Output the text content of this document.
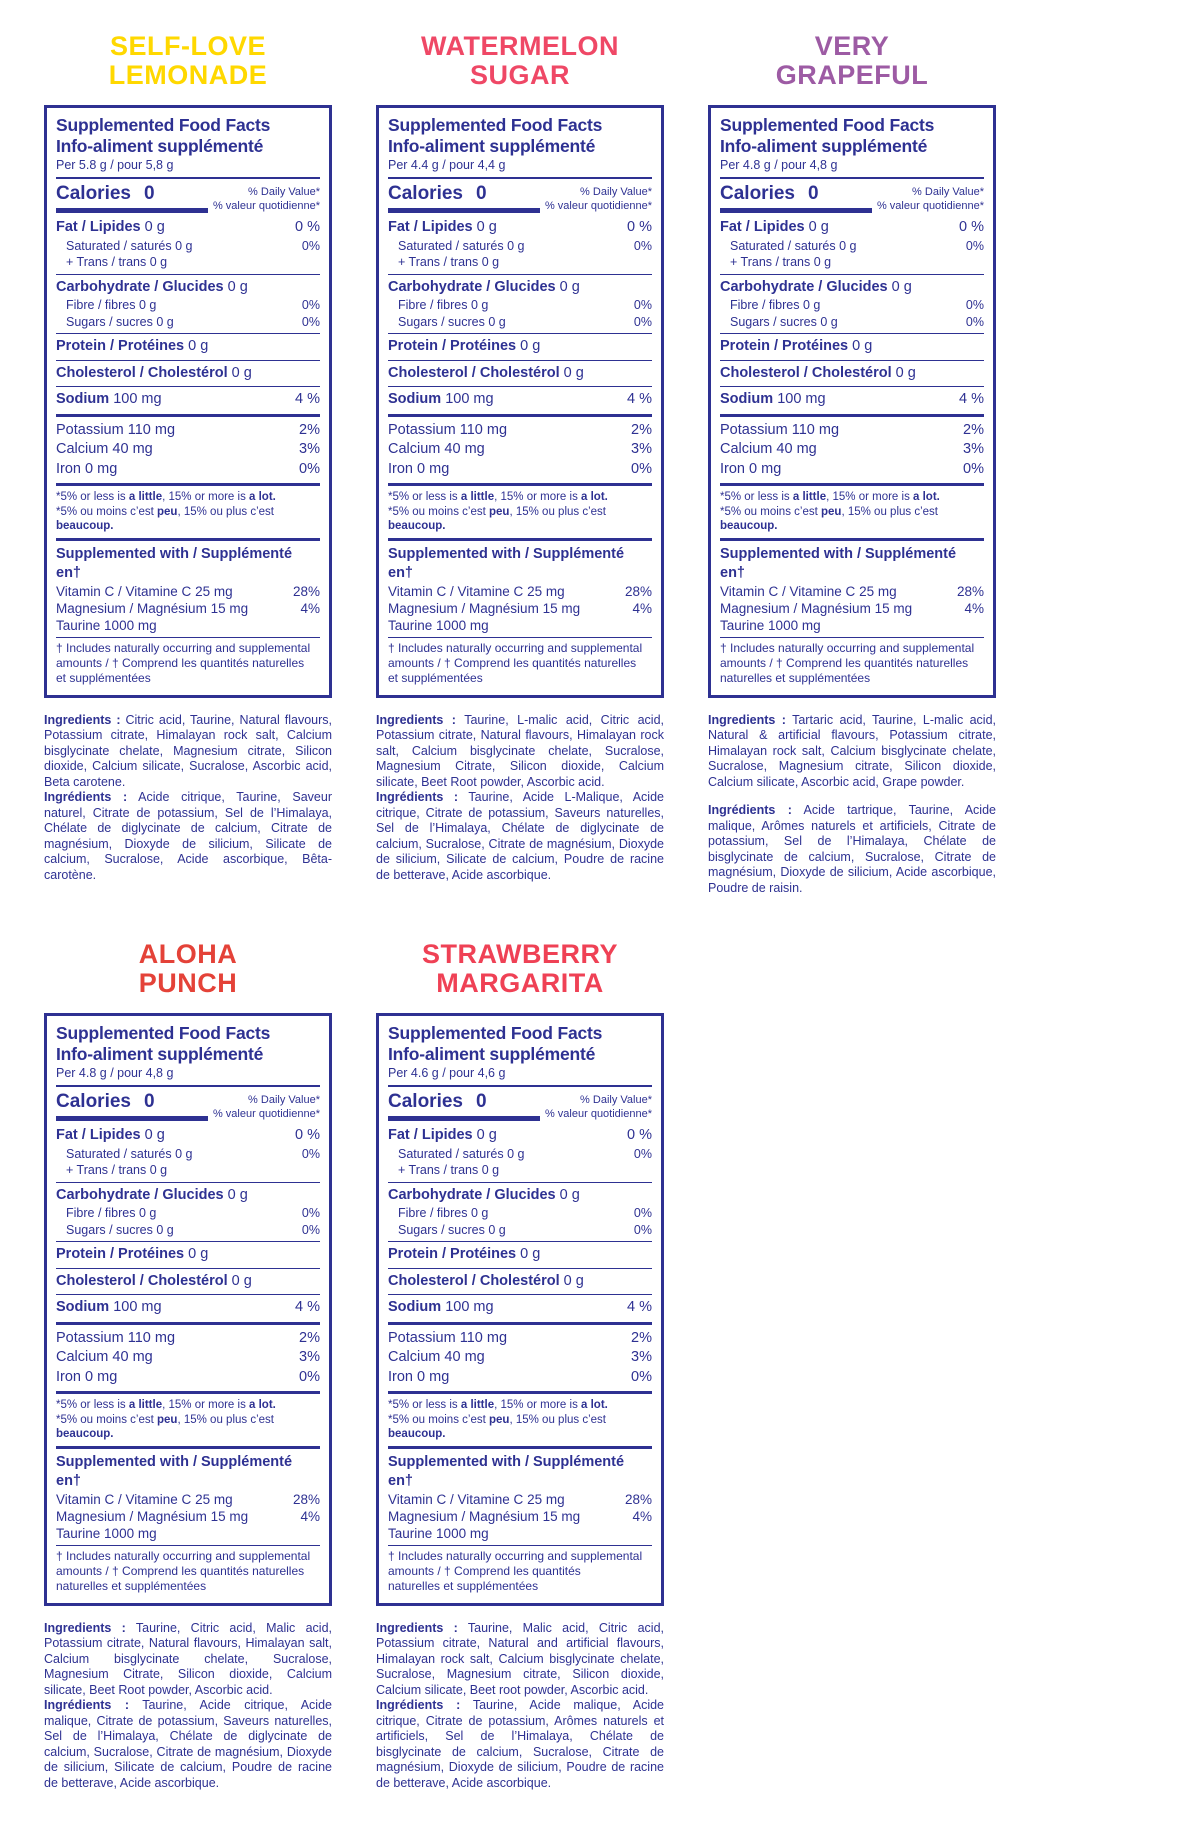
SELF-LOVE
LEMONADE
Supplemented Food Facts
Info-aliment supplémenté
Per 5.8 g / pour 5,8 g
Calories 0	% Daily Value*
% valeur quotidienne*
Fat / Lipides 0 g	0 %
Saturated / saturés 0 g	0%
+ Trans / trans 0 g
Carbohydrate / Glucides 0 g
Fibre / fibres 0 g	0%
Sugars / sucres 0 g	0%
Protein / Protéines 0 g
Cholesterol / Cholestérol 0 g
Sodium 100 mg	4 %
Potassium 110 mg	2%
Calcium 40 mg	3%
Iron 0 mg	0%
*5% or less is a little, 15% or more is a lot.
*5% ou moins c’est peu, 15% ou plus c’est beaucoup.
Supplemented with / Supplémenté en†
Vitamin C / Vitamine C 25 mg	28%
Magnesium / Magnésium 15 mg	4%
Taurine 1000 mg
† Includes naturally occurring and supplemental
amounts / † Comprend les quantités naturelles
et supplémentées

Ingredients : Citric acid, Taurine, Natural flavours, Potassium citrate, Himalayan rock salt, Calcium bisglycinate chelate, Magnesium citrate, Silicon dioxide, Calcium silicate, Sucralose, Ascorbic acid, Beta carotene.

Ingrédients : Acide citrique, Taurine, Saveur naturel, Citrate de potassium, Sel de l’Himalaya, Chélate de diglycinate de calcium, Citrate de magnésium, Dioxyde de silicium, Silicate de calcium, Sucralose, Acide ascorbique, Bêta-carotène.

WATERMELON
SUGAR
Supplemented Food Facts
Info-aliment supplémenté
Per 4.4 g / pour 4,4 g
Calories 0	% Daily Value*
% valeur quotidienne*
Fat / Lipides 0 g	0 %
Saturated / saturés 0 g	0%
+ Trans / trans 0 g
Carbohydrate / Glucides 0 g
Fibre / fibres 0 g	0%
Sugars / sucres 0 g	0%
Protein / Protéines 0 g
Cholesterol / Cholestérol 0 g
Sodium 100 mg	4 %
Potassium 110 mg	2%
Calcium 40 mg	3%
Iron 0 mg	0%
*5% or less is a little, 15% or more is a lot.
*5% ou moins c’est peu, 15% ou plus c’est beaucoup.
Supplemented with / Supplémenté en†
Vitamin C / Vitamine C 25 mg	28%
Magnesium / Magnésium 15 mg	4%
Taurine 1000 mg
† Includes naturally occurring and supplemental
amounts / † Comprend les quantités naturelles
et supplémentées

Ingredients : Taurine, L-malic acid, Citric acid, Potassium citrate, Natural flavours, Himalayan rock salt, Calcium bisglycinate chelate, Sucralose, Magnesium Citrate, Silicon dioxide, Calcium silicate, Beet Root powder, Ascorbic acid.

Ingrédients : Taurine, Acide L-Malique, Acide citrique, Citrate de potassium, Saveurs naturelles, Sel de l’Himalaya, Chélate de diglycinate de calcium, Sucralose, Citrate de magnésium, Dioxyde de silicium, Silicate de calcium, Poudre de racine de betterave, Acide ascorbique.

VERY
GRAPEFUL
Supplemented Food Facts
Info-aliment supplémenté
Per 4.8 g / pour 4,8 g
Calories 0	% Daily Value*
% valeur quotidienne*
Fat / Lipides 0 g	0 %
Saturated / saturés 0 g	0%
+ Trans / trans 0 g
Carbohydrate / Glucides 0 g
Fibre / fibres 0 g	0%
Sugars / sucres 0 g	0%
Protein / Protéines 0 g
Cholesterol / Cholestérol 0 g
Sodium 100 mg	4 %
Potassium 110 mg	2%
Calcium 40 mg	3%
Iron 0 mg	0%
*5% or less is a little, 15% or more is a lot.
*5% ou moins c’est peu, 15% ou plus c’est beaucoup.
Supplemented with / Supplémenté en†
Vitamin C / Vitamine C 25 mg	28%
Magnesium / Magnésium 15 mg	4%
Taurine 1000 mg
† Includes naturally occurring and supplemental
amounts / † Comprend les quantités naturelles
naturelles et supplémentées

Ingredients : Tartaric acid, Taurine, L-malic acid, Natural & artificial flavours, Potassium citrate, Himalayan rock salt, Calcium bisglycinate chelate, Sucralose, Magnesium citrate, Silicon dioxide, Calcium silicate, Ascorbic acid, Grape powder.

Ingrédients : Acide tartrique, Taurine, Acide malique, Arômes naturels et artificiels, Citrate de potassium, Sel de l’Himalaya, Chélate de bisglycinate de calcium, Sucralose, Citrate de magnésium, Dioxyde de silicium, Acide ascorbique, Poudre de raisin.

ALOHA
PUNCH
Supplemented Food Facts
Info-aliment supplémenté
Per 4.8 g / pour 4,8 g
Calories 0	% Daily Value*
% valeur quotidienne*
Fat / Lipides 0 g	0 %
Saturated / saturés 0 g	0%
+ Trans / trans 0 g
Carbohydrate / Glucides 0 g
Fibre / fibres 0 g	0%
Sugars / sucres 0 g	0%
Protein / Protéines 0 g
Cholesterol / Cholestérol 0 g
Sodium 100 mg	4 %
Potassium 110 mg	2%
Calcium 40 mg	3%
Iron 0 mg	0%
*5% or less is a little, 15% or more is a lot.
*5% ou moins c’est peu, 15% ou plus c’est beaucoup.
Supplemented with / Supplémenté en†
Vitamin C / Vitamine C 25 mg	28%
Magnesium / Magnésium 15 mg	4%
Taurine 1000 mg
† Includes naturally occurring and supplemental
amounts / † Comprend les quantités naturelles
naturelles et supplémentées

Ingredients : Taurine, Citric acid, Malic acid, Potassium citrate, Natural flavours, Himalayan salt, Calcium bisglycinate chelate, Sucralose, Magnesium Citrate, Silicon dioxide, Calcium silicate, Beet Root powder, Ascorbic acid.

Ingrédients : Taurine, Acide citrique, Acide malique, Citrate de potassium, Saveurs naturelles, Sel de l’Himalaya, Chélate de diglycinate de calcium, Sucralose, Citrate de magnésium, Dioxyde de silicium, Silicate de calcium, Poudre de racine de betterave, Acide ascorbique.

STRAWBERRY
MARGARITA
Supplemented Food Facts
Info-aliment supplémenté
Per 4.6 g / pour 4,6 g
Calories 0	% Daily Value*
% valeur quotidienne*
Fat / Lipides 0 g	0 %
Saturated / saturés 0 g	0%
+ Trans / trans 0 g
Carbohydrate / Glucides 0 g
Fibre / fibres 0 g	0%
Sugars / sucres 0 g	0%
Protein / Protéines 0 g
Cholesterol / Cholestérol 0 g
Sodium 100 mg	4 %
Potassium 110 mg	2%
Calcium 40 mg	3%
Iron 0 mg	0%
*5% or less is a little, 15% or more is a lot.
*5% ou moins c’est peu, 15% ou plus c’est beaucoup.
Supplemented with / Supplémenté en†
Vitamin C / Vitamine C 25 mg	28%
Magnesium / Magnésium 15 mg	4%
Taurine 1000 mg
† Includes naturally occurring and supplemental
amounts / † Comprend les quantités
naturelles et supplémentées

Ingredients : Taurine, Malic acid, Citric acid, Potassium citrate, Natural and artificial flavours, Himalayan rock salt, Calcium bisglycinate chelate, Sucralose, Magnesium citrate, Silicon dioxide, Calcium silicate, Beet root powder, Ascorbic acid.

Ingrédients : Taurine, Acide malique, Acide citrique, Citrate de potassium, Arômes naturels et artificiels, Sel de l’Himalaya, Chélate de bisglycinate de calcium, Sucralose, Citrate de magnésium, Dioxyde de silicium, Poudre de racine de betterave, Acide ascorbique.
